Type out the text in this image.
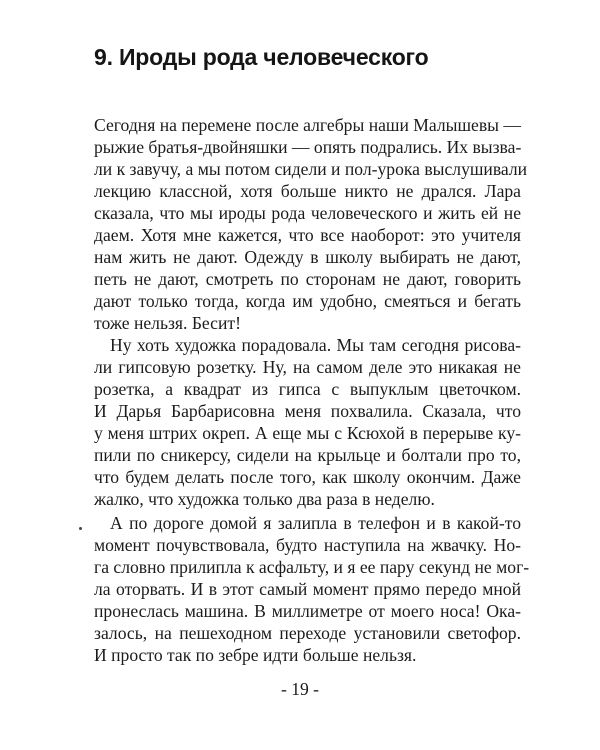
9. Ироды рода человеческого
Сегодня на перемене после алгебры наши Малышевы —
рыжие братья-двойняшки — опять подрались. Их вызва-
ли к завучу, а мы потом сидели и пол-урока выслушивали
лекцию классной, хотя больше никто не дрался. Лара
сказала, что мы ироды рода человеческого и жить ей не
даем. Хотя мне кажется, что все наоборот: это учителя
нам жить не дают. Одежду в школу выбирать не дают,
петь не дают, смотреть по сторонам не дают, говорить
дают только тогда, когда им удобно, смеяться и бегать
тоже нельзя. Бесит!
Ну хоть художка порадовала. Мы там сегодня рисова-
ли гипсовую розетку. Ну, на самом деле это никакая не
розетка, а квадрат из гипса с выпуклым цветочком.
И Дарья Барбарисовна меня похвалила. Сказала, что
у меня штрих окреп. А еще мы с Ксюхой в перерыве ку-
пили по сникерсу, сидели на крыльце и болтали про то,
что будем делать после того, как школу окончим. Даже
жалко, что художка только два раза в неделю.
А по дороге домой я залипла в телефон и в какой-то
момент почувствовала, будто наступила на жвачку. Но-
га словно прилипла к асфальту, и я ее пару секунд не мог-
ла оторвать. И в этот самый момент прямо передо мной
пронеслась машина. В миллиметре от моего носа! Ока-
залось, на пешеходном переходе установили светофор.
И просто так по зебре идти больше нельзя.
- 19 -
